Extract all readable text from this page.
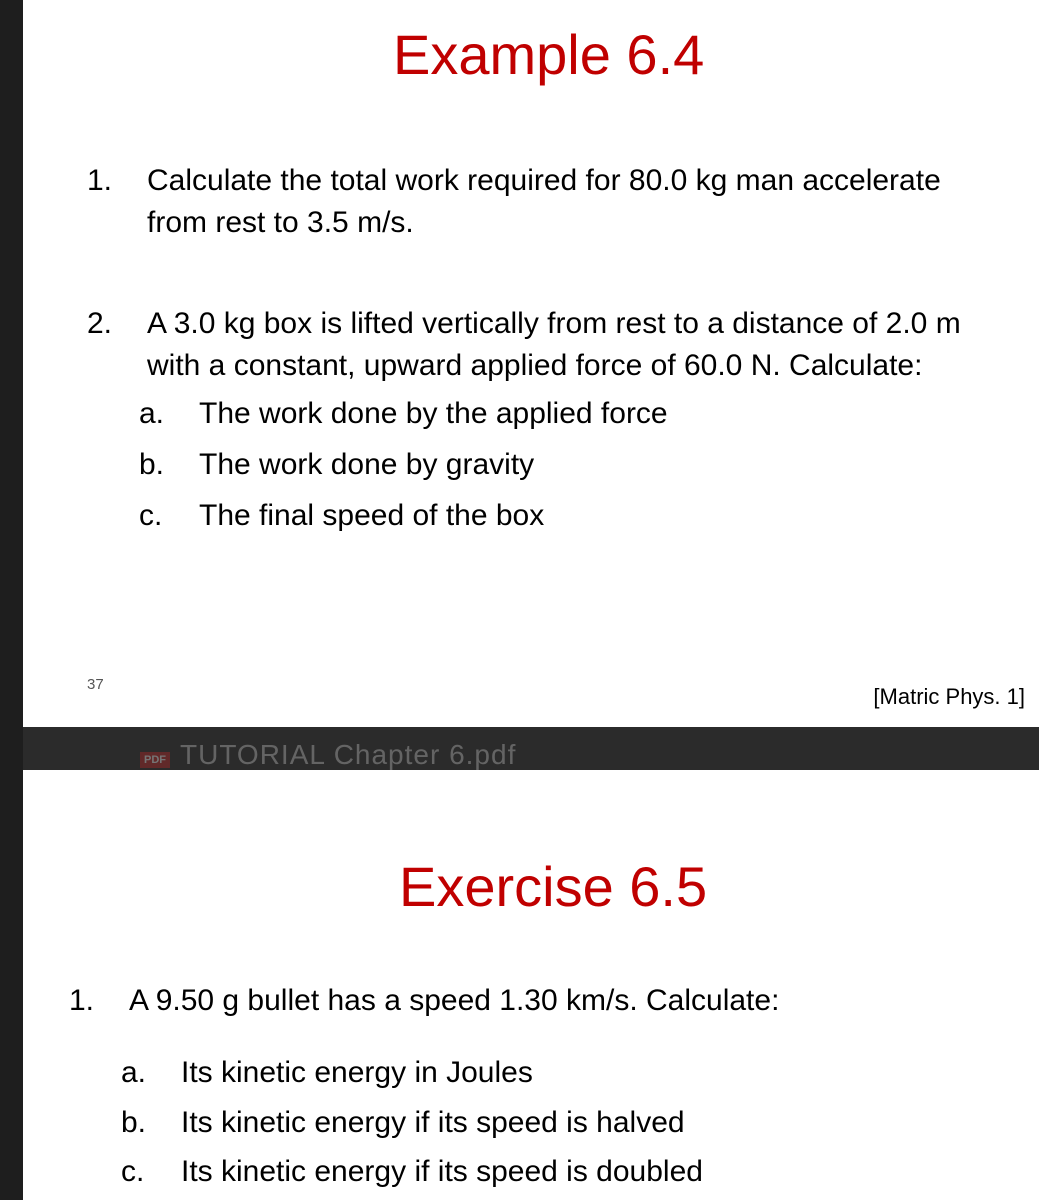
Example 6.4
1. Calculate the total work required for 80.0 kg man accelerate
from rest to 3.5 m/s.
2. A 3.0 kg box is lifted vertically from rest to a distance of 2.0 m
with a constant, upward applied force of 60.0 N. Calculate:
a. The work done by the applied force
b. The work done by gravity
c. The final speed of the box
37	[Matric Phys. 1]
PDF TUTORIAL Chapter 6.pdf
Exercise 6.5
1. A 9.50 g bullet has a speed 1.30 km/s. Calculate:
a. Its kinetic energy in Joules
b. Its kinetic energy if its speed is halved
c. Its kinetic energy if its speed is doubled
